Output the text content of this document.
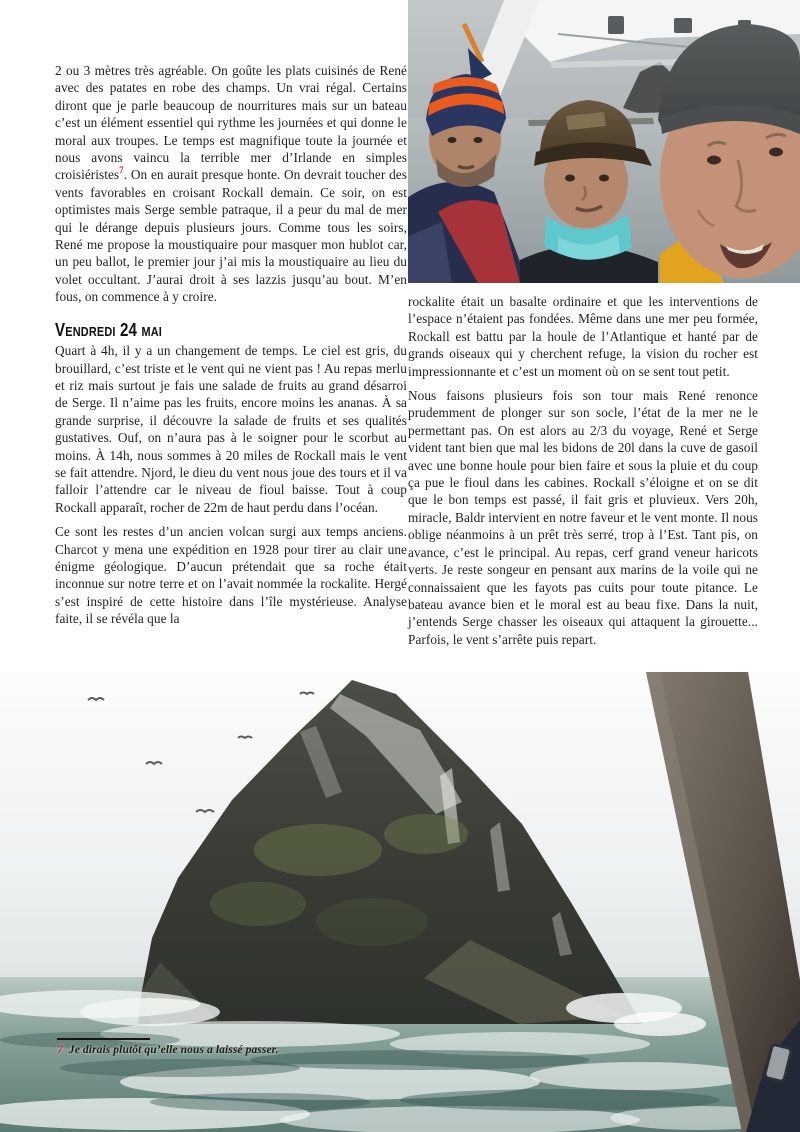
2 ou 3 mètres très agréable. On goûte les plats cuisinés de René avec des patates en robe des champs. Un vrai régal. Certains diront que je parle beaucoup de nourritures mais sur un bateau c’est un élément essentiel qui rythme les journées et qui donne le moral aux troupes. Le temps est magnifique toute la journée et nous avons vaincu la terrible mer d’Irlande en simples croisiéristes$^7$. On en aurait presque honte. On devrait toucher des vents favorables en croisant Rockall demain. Ce soir, on est optimistes mais Serge semble patraque, il a peur du mal de mer qui le dérange depuis plusieurs jours. Comme tous les soirs, René me propose la moustiquaire pour masquer mon hublot car, un peu ballot, le premier jour j’ai mis la moustiquaire au lieu du volet occultant. J’aurai droit à ses lazzis jusqu’au bout. M’en fous, on commence à y croire.

Vendredi 24 mai

Quart à 4h, il y a un changement de temps. Le ciel est gris, du brouillard, c’est triste et le vent qui ne vient pas ! Au repas merlu et riz mais surtout je fais une salade de fruits au grand désarroi de Serge. Il n’aime pas les fruits, encore moins les ananas. À sa grande surprise, il découvre la salade de fruits et ses qualités gustatives. Ouf, on n’aura pas à le soigner pour le scorbut au moins. À 14h, nous sommes à 20 miles de Rockall mais le vent se fait attendre. Njord, le dieu du vent nous joue des tours et il va falloir l’attendre car le niveau de fioul baisse. Tout à coup Rockall apparaît, rocher de 22m de haut perdu dans l’océan.

Ce sont les restes d’un ancien volcan surgi aux temps anciens. Charcot y mena une expédition en 1928 pour tirer au clair une énigme géologique. D’aucun prétendait que sa roche était inconnue sur notre terre et on l’avait nommée la rockalite. Hergé s’est inspiré de cette histoire dans l’île mystérieuse. Analyse faite, il se révéla que la

rockalite était un basalte ordinaire et que les interventions de l’espace n’étaient pas fondées. Même dans une mer peu formée, Rockall est battu par la houle de l’Atlantique et hanté par de grands oiseaux qui y cherchent refuge, la vision du rocher est impressionnante et c’est un moment où on se sent tout petit.

Nous faisons plusieurs fois son tour mais René renonce prudemment de plonger sur son socle, l’état de la mer ne le permettant pas. On est alors au 2/3 du voyage, René et Serge vident tant bien que mal les bidons de 20l dans la cuve de gasoil avec une bonne houle pour bien faire et sous la pluie et du coup ça pue le fioul dans les cabines. Rockall s’éloigne et on se dit que le bon temps est passé, il fait gris et pluvieux. Vers 20h, miracle, Baldr intervient en notre faveur et le vent monte. Il nous oblige néanmoins à un prêt très serré, trop à l’Est. Tant pis, on avance, c’est le principal. Au repas, cerf grand veneur haricots verts. Je reste songeur en pensant aux marins de la voile qui ne connaissaient que les fayots pas cuits pour toute pitance. Le bateau avance bien et le moral est au beau fixe. Dans la nuit, j’entends Serge chasser les oiseaux qui attaquent la girouette... Parfois, le vent s’arrête puis repart.

7 Je dirais plutôt qu’elle nous a laissé passer.
